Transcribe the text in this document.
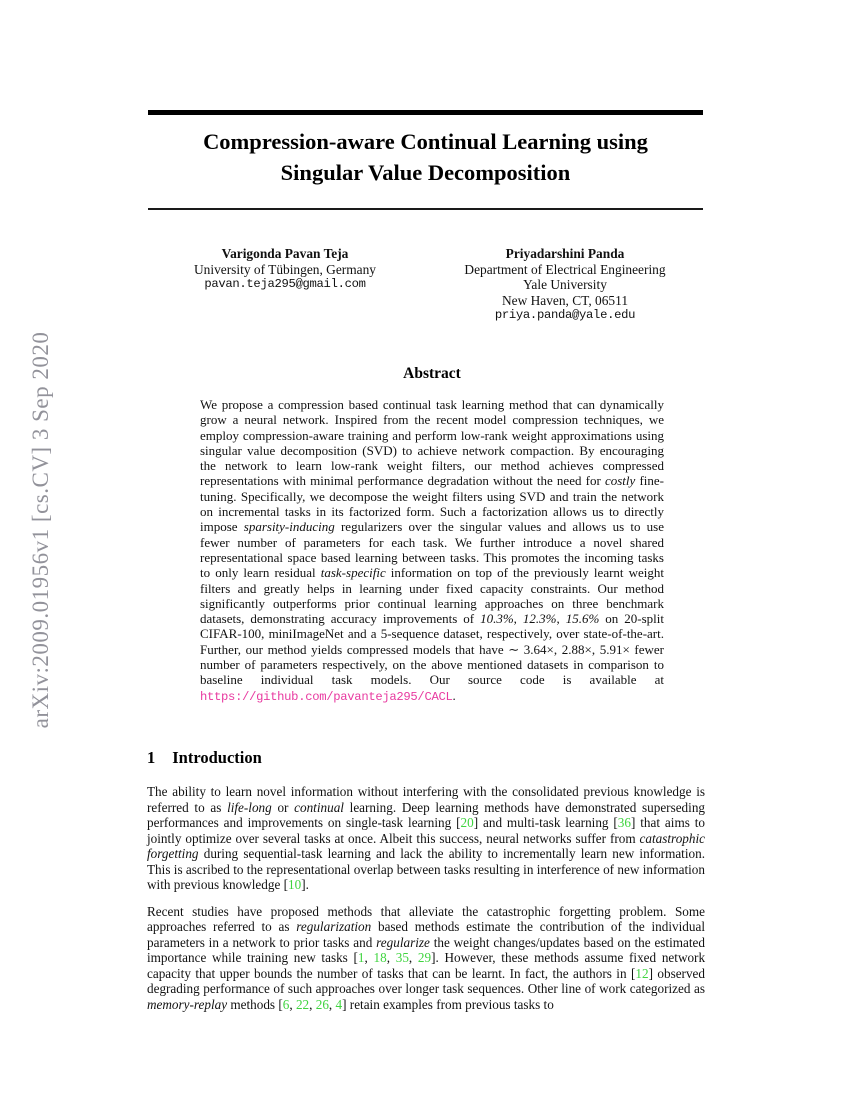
arXiv:2009.01956v1 [cs.CV] 3 Sep 2020
Compression-aware Continual Learning using
Singular Value Decomposition
Varigonda Pavan Teja
University of Tübingen, Germany
pavan.teja295@gmail.com
Priyadarshini Panda
Department of Electrical Engineering
Yale University
New Haven, CT, 06511
priya.panda@yale.edu
Abstract
We propose a compression based continual task learning method that can dynamically grow a neural network. Inspired from the recent model compression techniques, we employ compression-aware training and perform low-rank weight approximations using singular value decomposition (SVD) to achieve network compaction. By encouraging the network to learn low-rank weight filters, our method achieves compressed representations with minimal performance degradation without the need for costly fine-tuning. Specifically, we decompose the weight filters using SVD and train the network on incremental tasks in its factorized form. Such a factorization allows us to directly impose sparsity-inducing regularizers over the singular values and allows us to use fewer number of parameters for each task. We further introduce a novel shared representational space based learning between tasks. This promotes the incoming tasks to only learn residual task-specific information on top of the previously learnt weight filters and greatly helps in learning under fixed capacity constraints. Our method significantly outperforms prior continual learning approaches on three benchmark datasets, demonstrating accuracy improvements of 10.3%, 12.3%, 15.6% on 20-split CIFAR-100, miniImageNet and a 5-sequence dataset, respectively, over state-of-the-art. Further, our method yields compressed models that have ∼ 3.64×, 2.88×, 5.91× fewer number of parameters respectively, on the above mentioned datasets in comparison to baseline individual task models. Our source code is available at https://github.com/pavanteja295/CACL.
1 Introduction

The ability to learn novel information without interfering with the consolidated previous knowledge is referred to as life-long or continual learning. Deep learning methods have demonstrated superseding performances and improvements on single-task learning [20] and multi-task learning [36] that aims to jointly optimize over several tasks at once. Albeit this success, neural networks suffer from catastrophic forgetting during sequential-task learning and lack the ability to incrementally learn new information. This is ascribed to the representational overlap between tasks resulting in interference of new information with previous knowledge [10].

Recent studies have proposed methods that alleviate the catastrophic forgetting problem. Some approaches referred to as regularization based methods estimate the contribution of the individual parameters in a network to prior tasks and regularize the weight changes/updates based on the estimated importance while training new tasks [1, 18, 35, 29]. However, these methods assume fixed network capacity that upper bounds the number of tasks that can be learnt. In fact, the authors in [12] observed degrading performance of such approaches over longer task sequences. Other line of work categorized as memory-replay methods [6, 22, 26, 4] retain examples from previous tasks to
